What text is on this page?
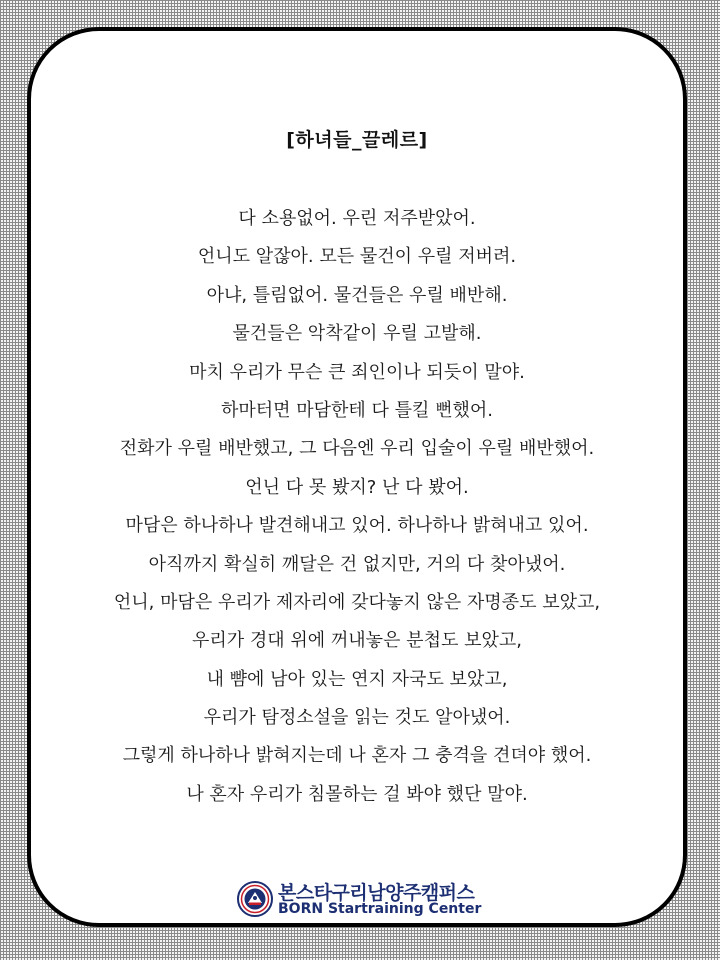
[하녀들_끌레르]
다 소용없어. 우린 저주받았어.
언니도 알잖아. 모든 물건이 우릴 저버려.
아냐, 틀림없어. 물건들은 우릴 배반해.
물건들은 악착같이 우릴 고발해.
마치 우리가 무슨 큰 죄인이나 되듯이 말야.
하마터면 마담한테 다 틀킬 뻔했어.
전화가 우릴 배반했고, 그 다음엔 우리 입술이 우릴 배반했어.
언닌 다 못 봤지? 난 다 봤어.
마담은 하나하나 발견해내고 있어. 하나하나 밝혀내고 있어.
아직까지 확실히 깨달은 건 없지만, 거의 다 찾아냈어.
언니, 마담은 우리가 제자리에 갖다놓지 않은 자명종도 보았고,
우리가 경대 위에 꺼내놓은 분첩도 보았고,
내 뺨에 남아 있는 연지 자국도 보았고,
우리가 탐정소설을 읽는 것도 알아냈어.
그렇게 하나하나 밝혀지는데 나 혼자 그 충격을 견뎌야 했어.
나 혼자 우리가 침몰하는 걸 봐야 했단 말야.
본스타구리남양주캠퍼스
BORN Startraining Center
